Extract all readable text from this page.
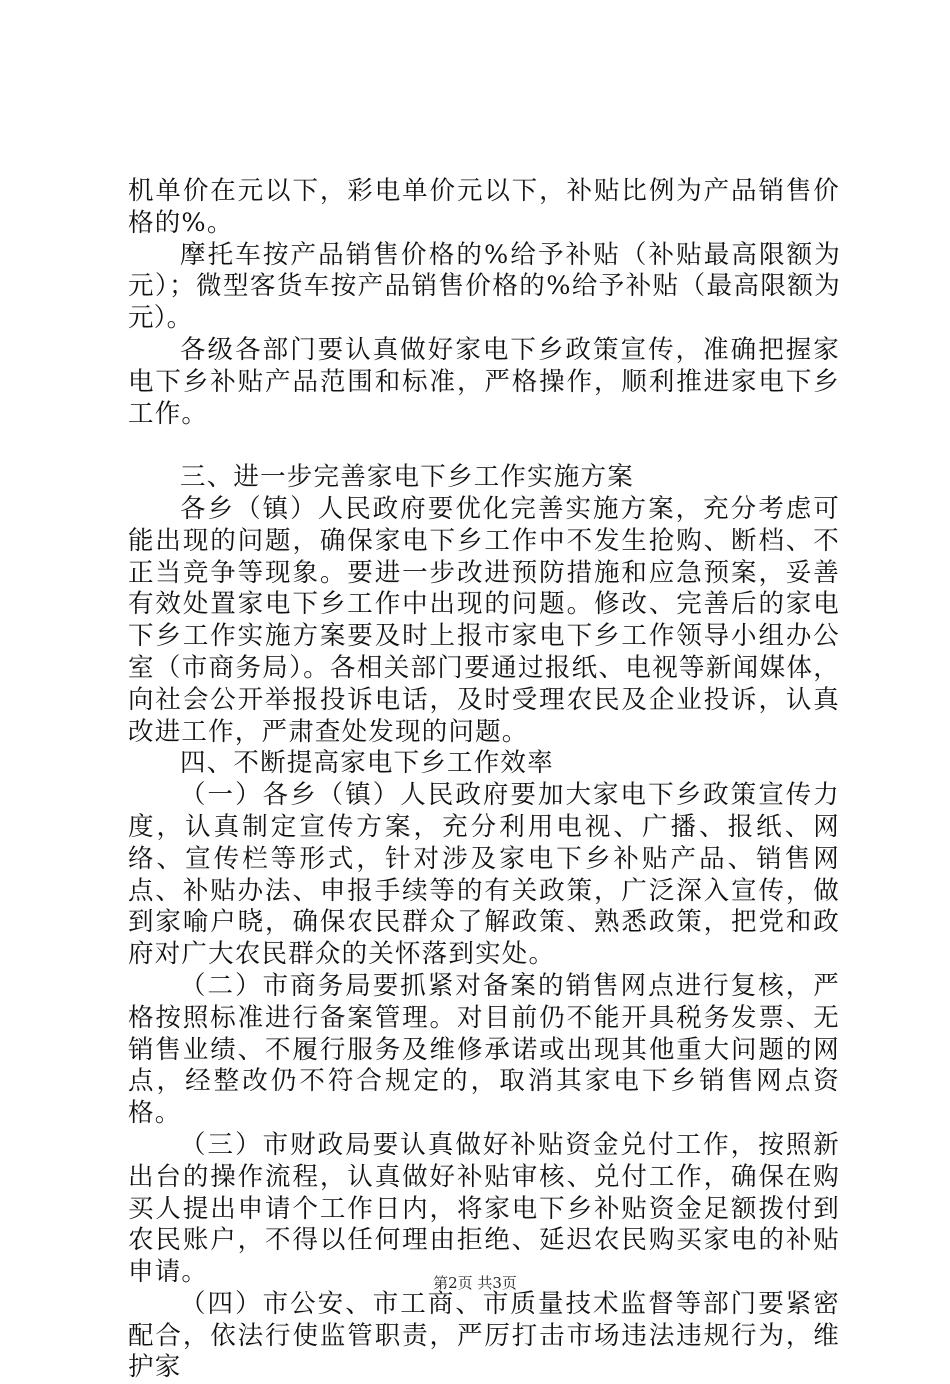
机单价在元以下，彩电单价元以下，补贴比例为产品销售价格的%。

摩托车按产品销售价格的%给予补贴（补贴最高限额为元）；微型客货车按产品销售价格的%给予补贴（最高限额为元）。

各级各部门要认真做好家电下乡政策宣传，准确把握家电下乡补贴产品范围和标准，严格操作，顺利推进家电下乡工作。

三、进一步完善家电下乡工作实施方案

各乡（镇）人民政府要优化完善实施方案，充分考虑可能出现的问题，确保家电下乡工作中不发生抢购、断档、不正当竞争等现象。要进一步改进预防措施和应急预案，妥善有效处置家电下乡工作中出现的问题。修改、完善后的家电下乡工作实施方案要及时上报市家电下乡工作领导小组办公室（市商务局）。各相关部门要通过报纸、电视等新闻媒体，向社会公开举报投诉电话，及时受理农民及企业投诉，认真改进工作，严肃查处发现的问题。

四、不断提高家电下乡工作效率

（一）各乡（镇）人民政府要加大家电下乡政策宣传力度，认真制定宣传方案，充分利用电视、广播、报纸、网络、宣传栏等形式，针对涉及家电下乡补贴产品、销售网点、补贴办法、申报手续等的有关政策，广泛深入宣传，做到家喻户晓，确保农民群众了解政策、熟悉政策，把党和政府对广大农民群众的关怀落到实处。

（二）市商务局要抓紧对备案的销售网点进行复核，严格按照标准进行备案管理。对目前仍不能开具税务发票、无销售业绩、不履行服务及维修承诺或出现其他重大问题的网点，经整改仍不符合规定的，取消其家电下乡销售网点资格。

（三）市财政局要认真做好补贴资金兑付工作，按照新出台的操作流程，认真做好补贴审核、兑付工作，确保在购买人提出申请个工作日内，将家电下乡补贴资金足额拨付到农民账户，不得以任何理由拒绝、延迟农民购买家电的补贴申请。

（四）市公安、市工商、市质量技术监督等部门要紧密配合，依法行使监管职责，严厉打击市场违法违规行为，维护家

第2页 共3页
